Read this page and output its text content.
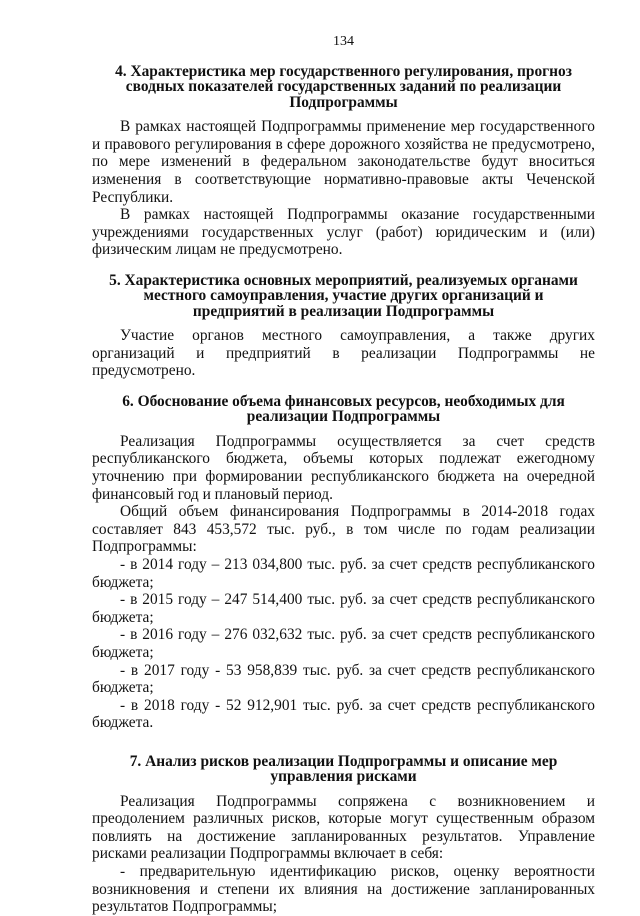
134
4. Характеристика мер государственного регулирования, прогноз сводных показателей государственных заданий по реализации Подпрограммы

В рамках настоящей Подпрограммы применение мер государственного и правового регулирования в сфере дорожного хозяйства не предусмотрено, по мере изменений в федеральном законодательстве будут вноситься изменения в соответствующие нормативно-правовые акты Чеченской Республики.

В рамках настоящей Подпрограммы оказание государственными учреждениями государственных услуг (работ) юридическим и (или) физическим лицам не предусмотрено.

5. Характеристика основных мероприятий, реализуемых органами местного самоуправления, участие других организаций и предприятий в реализации Подпрограммы

Участие органов местного самоуправления, а также других организаций и предприятий в реализации Подпрограммы не предусмотрено.

6. Обоснование объема финансовых ресурсов, необходимых для реализации Подпрограммы

Реализация Подпрограммы осуществляется за счет средств республиканского бюджета, объемы которых подлежат ежегодному уточнению при формировании республиканского бюджета на очередной финансовый год и плановый период.

Общий объем финансирования Подпрограммы в 2014-2018 годах составляет 843 453,572 тыс. руб., в том числе по годам реализации Подпрограммы:

- в 2014 году – 213 034,800 тыс. руб. за счет средств республиканского бюджета;

- в 2015 году – 247 514,400 тыс. руб. за счет средств республиканского бюджета;

- в 2016 году – 276 032,632 тыс. руб. за счет средств республиканского бюджета;

- в 2017 году - 53 958,839 тыс. руб. за счет средств республиканского бюджета;

- в 2018 году - 52 912,901 тыс. руб. за счет средств республиканского бюджета.

7. Анализ рисков реализации Подпрограммы и описание мер управления рисками

Реализация Подпрограммы сопряжена с возникновением и преодолением различных рисков, которые могут существенным образом повлиять на достижение запланированных результатов. Управление рисками реализации Подпрограммы включает в себя:

- предварительную идентификацию рисков, оценку вероятности возникновения и степени их влияния на достижение запланированных результатов Подпрограммы;
